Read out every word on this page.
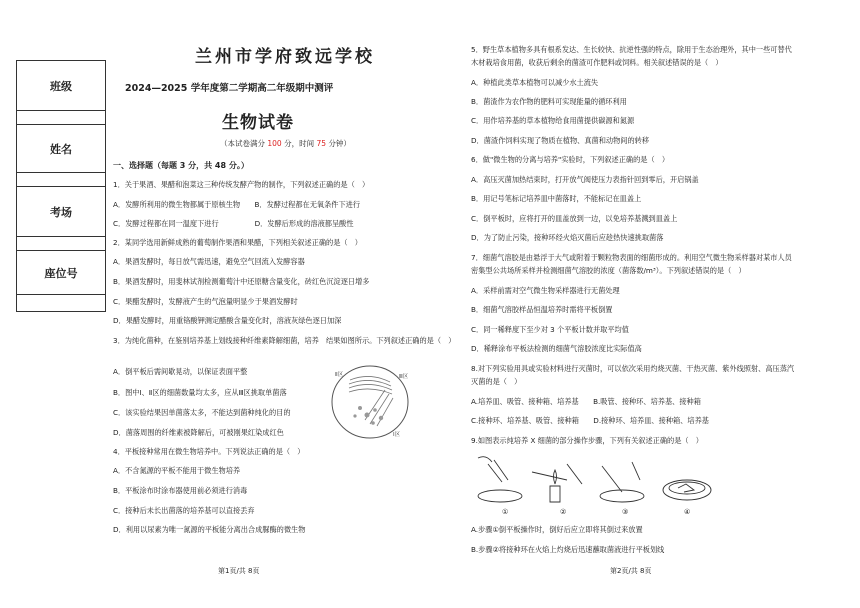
班级
姓名
考场
座位号
兰州市学府致远学校
2024—2025 学年度第二学期高二年级期中测评
生物试卷
（本试卷满分 100 分，时间 75 分钟）
一、选择题（每题 3 分，共 48 分。）
1．关于果酒、果醋和泡菜这三种传统发酵产物的制作，下列叙述正确的是（　）
A．发酵所利用的微生物都属于原核生物　　B．发酵过程都在无氧条件下进行
C．发酵过程都在同一温度下进行　　　　　D．发酵后形成的溶液都呈酸性
2．某同学选用新鲜成熟的葡萄制作果酒和果醋，下列相关叙述正确的是（　）
A．果酒发酵时，每日放气需迅速，避免空气回流入发酵容器
B．果酒发酵时，用斐林试剂检测葡萄汁中还原糖含量变化，砖红色沉淀逐日增多
C．果醋发酵时，发酵液产生的气泡量明显少于果酒发酵时
D．果醋发酵时，用重铬酸钾测定醋酸含量变化时，溶液灰绿色逐日加深
3．为纯化菌种，在鉴别培养基上划线接种纤维素降解细菌，培养　结果如图所示。下列叙述正确的是（　）
A．倒平板后需间歇晃动，以保证表面平整
B．图中Ⅰ、Ⅱ区的细菌数量均太多，应从Ⅲ区挑取单菌落
C．该实验结果因单菌落太多，不能达到菌种纯化的目的
D．菌落周围的纤维素被降解后，可被刚果红染成红色
4．平板接种常用在微生物培养中。下列说法正确的是（　）
A．不含氮源的平板不能用于微生物培养
B．平板涂布时涂布器使用前必须进行消毒
C．接种后未长出菌落的培养基可以直接丢弃
D．利用以尿素为唯一氮源的平板能分离出合成脲酶的微生物
Ⅱ区	Ⅲ区
Ⅰ区
5．野生草本植物多具有根系发达、生长较快、抗逆性强的特点，除用于生态治理外，其中一些可替代
木材栽培食用菌，收获后剩余的菌渣可作肥料或饲料。相关叙述错误的是（　）
A．种植此类草本植物可以减少水土流失
B．菌渣作为农作物的肥料可实现能量的循环利用
C．用作培养基的草本植物给食用菌提供碳源和氮源
D．菌渣作饲料实现了物质在植物、真菌和动物间的转移
6．做"微生物的分离与培养"实验时，下列叙述正确的是（　）
A．高压灭菌加热结束时，打开放气阀使压力表指针回到零后，开启锅盖
B．用记号笔标记培养皿中菌落时，不能标记在皿盖上
C．倒平板时，应将打开的皿盖放到一边，以免培养基溅到皿盖上
D．为了防止污染，接种环经火焰灭菌后应趁热快速挑取菌落
7．细菌气溶胶是由悬浮于大气或附着于颗粒物表面的细菌形成的。利用空气微生物采样器对某市人员
密集型公共场所采样并检测细菌气溶胶的浓度（菌落数/m³）。下列叙述错误的是（　）
A．采样前需对空气微生物采样器进行无菌处理
B．细菌气溶胶样品恒温培养时需将平板倒置
C．同一稀释度下至少对 3 个平板计数并取平均值
D．稀释涂布平板法检测的细菌气溶胶浓度比实际值高
8.对下列实验用具或实验材料进行灭菌时，可以依次采用灼烧灭菌、干热灭菌、紫外线照射、高压蒸汽
灭菌的是（　）
A.培养皿、吸管、接种箱、培养基　　B.吸管、接种环、培养基、接种箱
C.接种环、培养基、吸管、接种箱　　D.接种环、培养皿、接种箱、培养基
9.如图表示纯培养 X 细菌的部分操作步骤，下列有关叙述正确的是（　）
①	②	③	④
A.步骤①倒平板操作时，倒好后应立即将其倒过来放置
B.步骤②将接种环在火焰上灼烧后迅速蘸取菌液进行平板划线
第1页/共 8页	第2页/共 8页
